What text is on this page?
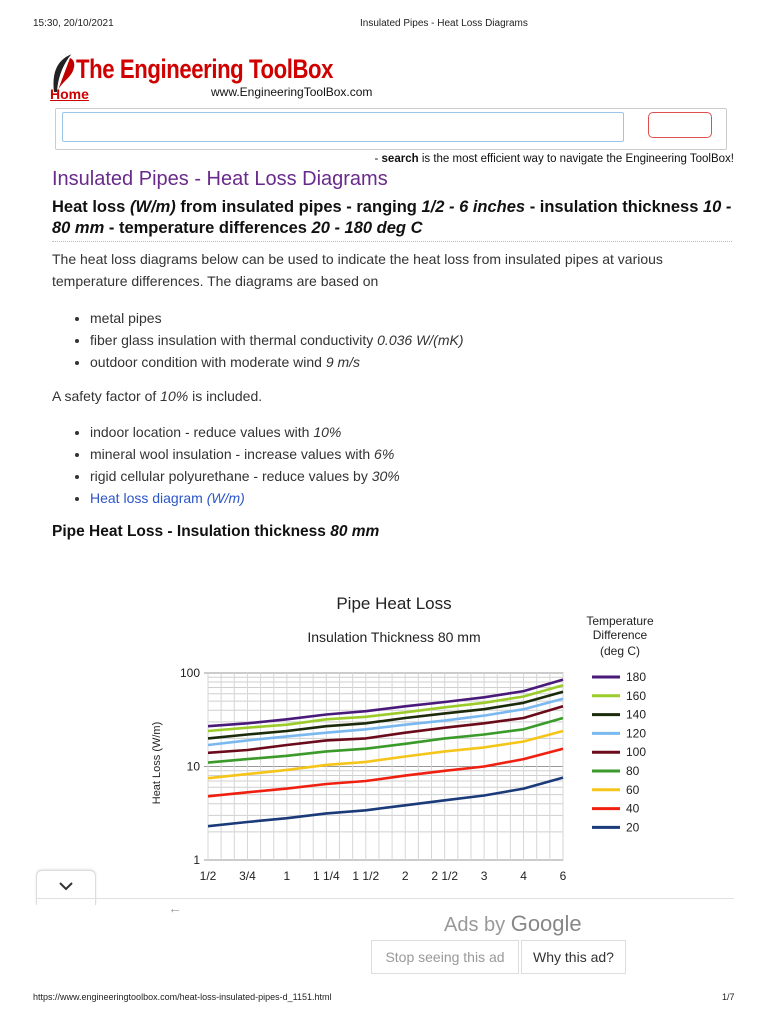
15:30, 20/10/2021	Insulated Pipes - Heat Loss Diagrams
The Engineering ToolBox
Home	www.EngineeringToolBox.com
- search is the most efficient way to navigate the Engineering ToolBox!
Insulated Pipes - Heat Loss Diagrams
Heat loss (W/m) from insulated pipes - ranging 1/2 - 6 inches - insulation thickness 10 - 80 mm - temperature differences 20 - 180 deg C
The heat loss diagrams below can be used to indicate the heat loss from insulated pipes at various temperature differences. The diagrams are based on
• metal pipes
• fiber glass insulation with thermal conductivity 0.036 W/(mK)
• outdoor condition with moderate wind 9 m/s
A safety factor of 10% is included.
• indoor location - reduce values with 10%
• mineral wool insulation - increase values with 6%
• rigid cellular polyurethane - reduce values by 30%
• Heat loss diagram (W/m)
Pipe Heat Loss - Insulation thickness 80 mm
Pipe Heat Loss
Insulation Thickness 80 mm
Heat Loss (W/m)
100
10
1
1/2 3/4 1 1 1/4 1 1/2 2 2 1/2 3	4	6
Temperature
Difference
(deg C)
180
160
140
120
100
80
60
40
20
←
Ads by Google
Stop seeing this ad	Why this ad?
https://www.engineeringtoolbox.com/heat-loss-insulated-pipes-d_1151.html	1/7
